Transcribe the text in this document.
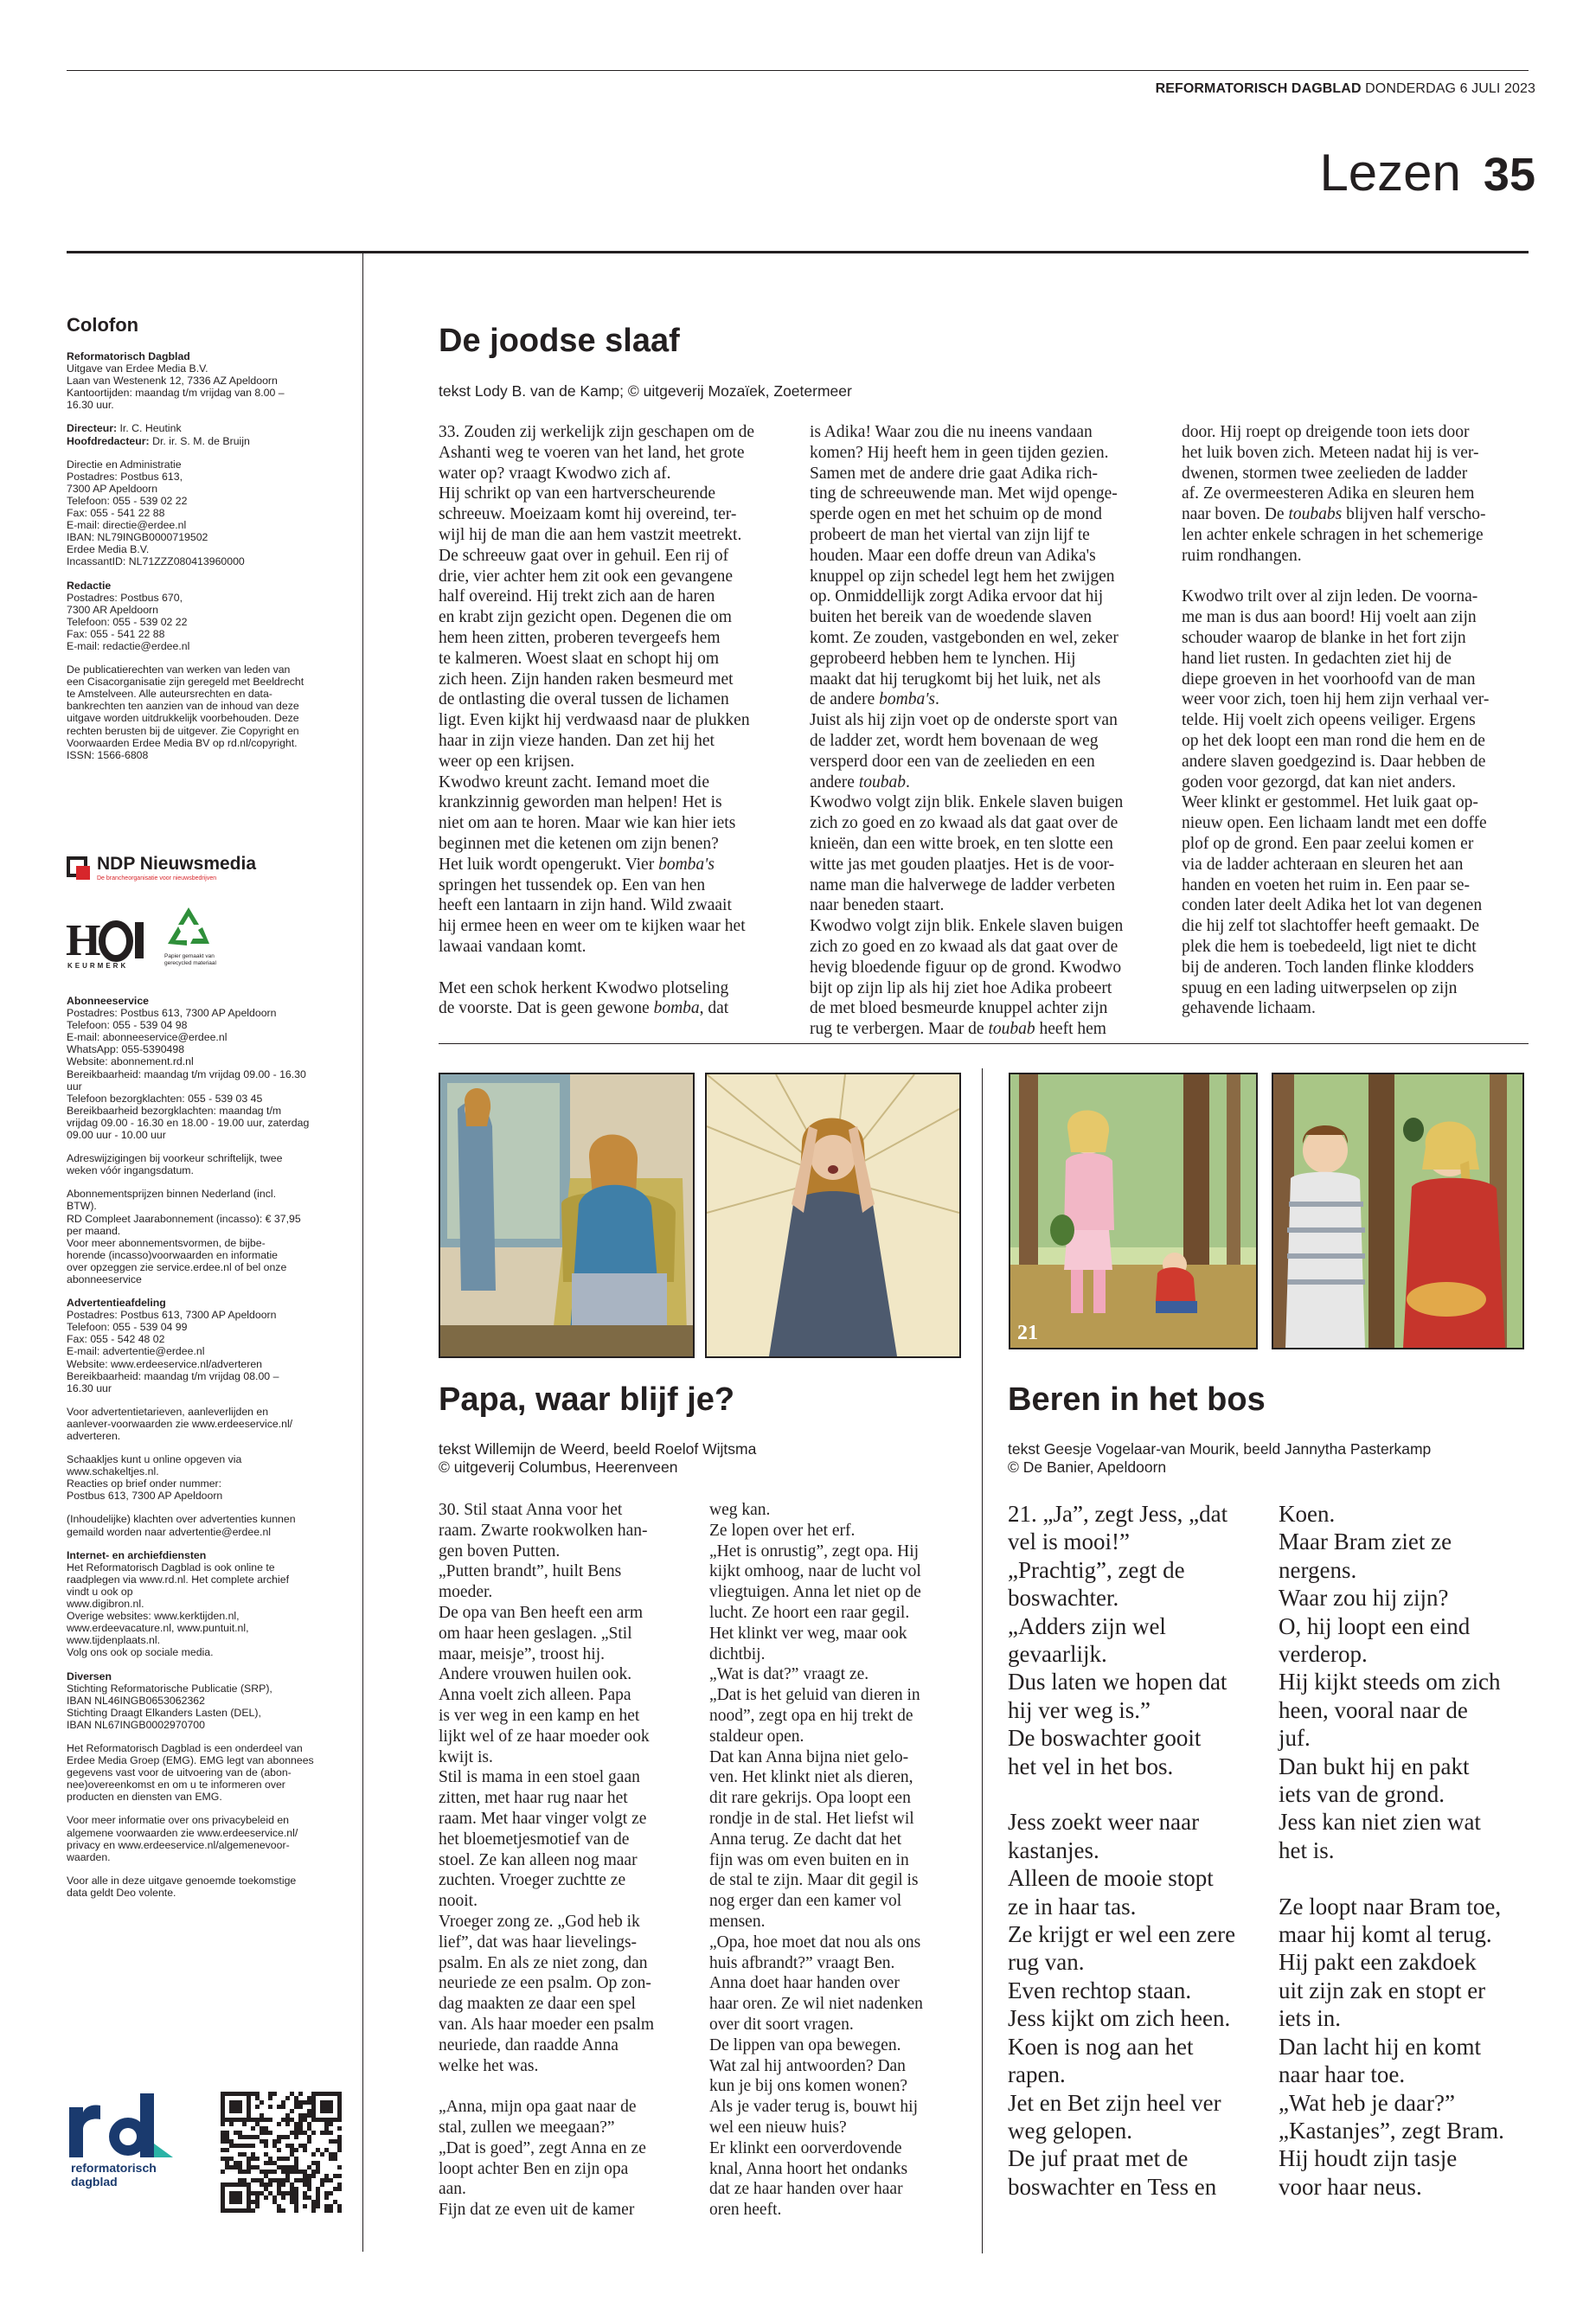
REFORMATORISCH DAGBLAD DONDERDAG 6 JULI 2023
Lezen 35
Colofon
Reformatorisch Dagblad
Uitgave van Erdee Media B.V.
Laan van Westenenk 12, 7336 AZ Apeldoorn
Kantoortijden: maandag t/m vrijdag van 8.00 –
16.30 uur.
Directeur: Ir. C. Heutink
Hoofdredacteur: Dr. ir. S. M. de Bruijn
Directie en Administratie
Postadres: Postbus 613,
7300 AP Apeldoorn
Telefoon: 055 - 539 02 22
Fax: 055 - 541 22 88
E-mail: directie@erdee.nl
IBAN: NL79INGB0000719502
Erdee Media B.V.
IncassantID: NL71ZZZ080413960000
Redactie
Postadres: Postbus 670,
7300 AR Apeldoorn
Telefoon: 055 - 539 02 22
Fax: 055 - 541 22 88
E-mail: redactie@erdee.nl
De publicatierechten van werken van leden van
een Cisacorganisatie zijn geregeld met Beeldrecht
te Amstelveen. Alle auteursrechten en data-
bankrechten ten aanzien van de inhoud van deze
uitgave worden uitdrukkelijk voorbehouden. Deze
rechten berusten bij de uitgever. Zie Copyright en
Voorwaarden Erdee Media BV op rd.nl/copyright.
ISSN: 1566-6808
NDP Nieuwsmedia
De brancheorganisatie voor nieuwsbedrijven
H
KEURMERK
Papier gemaakt van gerecycled materiaal
Abonneeservice
Postadres: Postbus 613, 7300 AP Apeldoorn
Telefoon: 055 - 539 04 98
E-mail: abonneeservice@erdee.nl
WhatsApp: 055-5390498
Website: abonnement.rd.nl
Bereikbaarheid: maandag t/m vrijdag 09.00 - 16.30
uur
Telefoon bezorgklachten: 055 - 539 03 45
Bereikbaarheid bezorgklachten: maandag t/m
vrijdag 09.00 - 16.30 en 18.00 - 19.00 uur, zaterdag
09.00 uur - 10.00 uur
Adreswijzigingen bij voorkeur schriftelijk, twee
weken vóór ingangsdatum.
Abonnementsprijzen binnen Nederland (incl.
BTW).
RD Compleet Jaarabonnement (incasso): € 37,95
per maand.
Voor meer abonnementsvormen, de bijbe-
horende (incasso)voorwaarden en informatie
over opzeggen zie service.erdee.nl of bel onze
abonneeservice
Advertentieafdeling
Postadres: Postbus 613, 7300 AP Apeldoorn
Telefoon: 055 - 539 04 99
Fax: 055 - 542 48 02
E-mail: advertentie@erdee.nl
Website: www.erdeeservice.nl/adverteren
Bereikbaarheid: maandag t/m vrijdag 08.00 –
16.30 uur
Voor advertentietarieven, aanleverlijden en
aanlever-voorwaarden zie www.erdeeservice.nl/
adverteren.
Schaakljes kunt u online opgeven via
www.schakeltjes.nl.
Reacties op brief onder nummer:
Postbus 613, 7300 AP Apeldoorn
(Inhoudelijke) klachten over advertenties kunnen
gemaild worden naar advertentie@erdee.nl
Internet- en archiefdiensten
Het Reformatorisch Dagblad is ook online te
raadplegen via www.rd.nl. Het complete archief
vindt u ook op
www.digibron.nl.
Overige websites: www.kerktijden.nl,
www.erdeevacature.nl, www.puntuit.nl,
www.tijdenplaats.nl.
Volg ons ook op sociale media.
Diversen
Stichting Reformatorische Publicatie (SRP),
IBAN NL46INGB0653062362
Stichting Draagt Elkanders Lasten (DEL),
IBAN NL67INGB0002970700
Het Reformatorisch Dagblad is een onderdeel van
Erdee Media Groep (EMG). EMG legt van abonnees
gegevens vast voor de uitvoering van de (abon-
nee)overeenkomst en om u te informeren over
producten en diensten van EMG.
Voor meer informatie over ons privacybeleid en
algemene voorwaarden zie www.erdeeservice.nl/
privacy en www.erdeeservice.nl/algemenevoor-
waarden.
Voor alle in deze uitgave genoemde toekomstige
data geldt Deo volente.
reformatorisch
dagblad
De joodse slaaf
tekst Lody B. van de Kamp; © uitgeverij Mozaïek, Zoetermeer
33. Zouden zij werkelijk zijn geschapen om de
Ashanti weg te voeren van het land, het grote
water op? vraagt Kwodwo zich af.
Hij schrikt op van een hartverscheurende
schreeuw. Moeizaam komt hij overeind, ter-
wijl hij de man die aan hem vastzit meetrekt.
De schreeuw gaat over in gehuil. Een rij of
drie, vier achter hem zit ook een gevangene
half overeind. Hij trekt zich aan de haren
en krabt zijn gezicht open. Degenen die om
hem heen zitten, proberen tevergeefs hem
te kalmeren. Woest slaat en schopt hij om
zich heen. Zijn handen raken besmeurd met
de ontlasting die overal tussen de lichamen
ligt. Even kijkt hij verdwaasd naar de plukken
haar in zijn vieze handen. Dan zet hij het
weer op een krijsen.
Kwodwo kreunt zacht. Iemand moet die
krankzinnig geworden man helpen! Het is
niet om aan te horen. Maar wie kan hier iets
beginnen met die ketenen om zijn benen?
Het luik wordt opengerukt. Vier bomba's
springen het tussendek op. Een van hen
heeft een lantaarn in zijn hand. Wild zwaait
hij ermee heen en weer om te kijken waar het
lawaai vandaan komt.
Met een schok herkent Kwodwo plotseling
de voorste. Dat is geen gewone bomba, dat
is Adika! Waar zou die nu ineens vandaan
komen? Hij heeft hem in geen tijden gezien.
Samen met de andere drie gaat Adika rich-
ting de schreeuwende man. Met wijd openge-
sperde ogen en met het schuim op de mond
probeert de man het viertal van zijn lijf te
houden. Maar een doffe dreun van Adika's
knuppel op zijn schedel legt hem het zwijgen
op. Onmiddellijk zorgt Adika ervoor dat hij
buiten het bereik van de woedende slaven
komt. Ze zouden, vastgebonden en wel, zeker
geprobeerd hebben hem te lynchen. Hij
maakt dat hij terugkomt bij het luik, net als
de andere bomba's.
Juist als hij zijn voet op de onderste sport van
de ladder zet, wordt hem bovenaan de weg
versperd door een van de zeelieden en een
andere toubab.
Kwodwo volgt zijn blik. Enkele slaven buigen
zich zo goed en zo kwaad als dat gaat over de
knieën, dan een witte broek, en ten slotte een
witte jas met gouden plaatjes. Het is de voor-
name man die halverwege de ladder verbeten
naar beneden staart.
Kwodwo volgt zijn blik. Enkele slaven buigen
zich zo goed en zo kwaad als dat gaat over de
hevig bloedende figuur op de grond. Kwodwo
bijt op zijn lip als hij ziet hoe Adika probeert
de met bloed besmeurde knuppel achter zijn
rug te verbergen. Maar de toubab heeft hem
door. Hij roept op dreigende toon iets door
het luik boven zich. Meteen nadat hij is ver-
dwenen, stormen twee zeelieden de ladder
af. Ze overmeesteren Adika en sleuren hem
naar boven. De toubabs blijven half verscho-
len achter enkele schragen in het schemerige
ruim rondhangen.
Kwodwo trilt over al zijn leden. De voorna-
me man is dus aan boord! Hij voelt aan zijn
schouder waarop de blanke in het fort zijn
hand liet rusten. In gedachten ziet hij de
diepe groeven in het voorhoofd van de man
weer voor zich, toen hij hem zijn verhaal ver-
telde. Hij voelt zich opeens veiliger. Ergens
op het dek loopt een man rond die hem en de
andere slaven goedgezind is. Daar hebben de
goden voor gezorgd, dat kan niet anders.
Weer klinkt er gestommel. Het luik gaat op-
nieuw open. Een lichaam landt met een doffe
plof op de grond. Een paar zeelui komen er
via de ladder achteraan en sleuren het aan
handen en voeten het ruim in. Een paar se-
conden later deelt Adika het lot van degenen
die hij zelf tot slachtoffer heeft gemaakt. De
plek die hem is toebedeeld, ligt niet te dicht
bij de anderen. Toch landen flinke klodders
spuug en een lading uitwerpselen op zijn
gehavende lichaam.
21
Papa, waar blijf je?
tekst Willemijn de Weerd, beeld Roelof Wijtsma
© uitgeverij Columbus, Heerenveen
30. Stil staat Anna voor het
raam. Zwarte rookwolken han-
gen boven Putten.
„Putten brandt”, huilt Bens
moeder.
De opa van Ben heeft een arm
om haar heen geslagen. „Stil
maar, meisje”, troost hij.
Andere vrouwen huilen ook.
Anna voelt zich alleen. Papa
is ver weg in een kamp en het
lijkt wel of ze haar moeder ook
kwijt is.
Stil is mama in een stoel gaan
zitten, met haar rug naar het
raam. Met haar vinger volgt ze
het bloemetjesmotief van de
stoel. Ze kan alleen nog maar
zuchten. Vroeger zuchtte ze
nooit.
Vroeger zong ze. „God heb ik
lief”, dat was haar lievelings-
psalm. En als ze niet zong, dan
neuriede ze een psalm. Op zon-
dag maakten ze daar een spel
van. Als haar moeder een psalm
neuriede, dan raadde Anna
welke het was.
„Anna, mijn opa gaat naar de
stal, zullen we meegaan?”
„Dat is goed”, zegt Anna en ze
loopt achter Ben en zijn opa
aan.
Fijn dat ze even uit de kamer
weg kan.
Ze lopen over het erf.
„Het is onrustig”, zegt opa. Hij
kijkt omhoog, naar de lucht vol
vliegtuigen. Anna let niet op de
lucht. Ze hoort een raar gegil.
Het klinkt ver weg, maar ook
dichtbij.
„Wat is dat?” vraagt ze.
„Dat is het geluid van dieren in
nood”, zegt opa en hij trekt de
staldeur open.
Dat kan Anna bijna niet gelo-
ven. Het klinkt niet als dieren,
dit rare gekrijs. Opa loopt een
rondje in de stal. Het liefst wil
Anna terug. Ze dacht dat het
fijn was om even buiten en in
de stal te zijn. Maar dit gegil is
nog erger dan een kamer vol
mensen.
„Opa, hoe moet dat nou als ons
huis afbrandt?” vraagt Ben.
Anna doet haar handen over
haar oren. Ze wil niet nadenken
over dit soort vragen.
De lippen van opa bewegen.
Wat zal hij antwoorden? Dan
kun je bij ons komen wonen?
Als je vader terug is, bouwt hij
wel een nieuw huis?
Er klinkt een oorverdovende
knal, Anna hoort het ondanks
dat ze haar handen over haar
oren heeft.
Beren in het bos
tekst Geesje Vogelaar-van Mourik, beeld Jannytha Pasterkamp
© De Banier, Apeldoorn
21. „Ja”, zegt Jess, „dat
vel is mooi!”
„Prachtig”, zegt de
boswachter.
„Adders zijn wel
gevaarlijk.
Dus laten we hopen dat
hij ver weg is.”
De boswachter gooit
het vel in het bos.
Jess zoekt weer naar
kastanjes.
Alleen de mooie stopt
ze in haar tas.
Ze krijgt er wel een zere
rug van.
Even rechtop staan.
Jess kijkt om zich heen.
Koen is nog aan het
rapen.
Jet en Bet zijn heel ver
weg gelopen.
De juf praat met de
boswachter en Tess en
Koen.
Maar Bram ziet ze
nergens.
Waar zou hij zijn?
O, hij loopt een eind
verderop.
Hij kijkt steeds om zich
heen, vooral naar de
juf.
Dan bukt hij en pakt
iets van de grond.
Jess kan niet zien wat
het is.
Ze loopt naar Bram toe,
maar hij komt al terug.
Hij pakt een zakdoek
uit zijn zak en stopt er
iets in.
Dan lacht hij en komt
naar haar toe.
„Wat heb je daar?”
„Kastanjes”, zegt Bram.
Hij houdt zijn tasje
voor haar neus.
